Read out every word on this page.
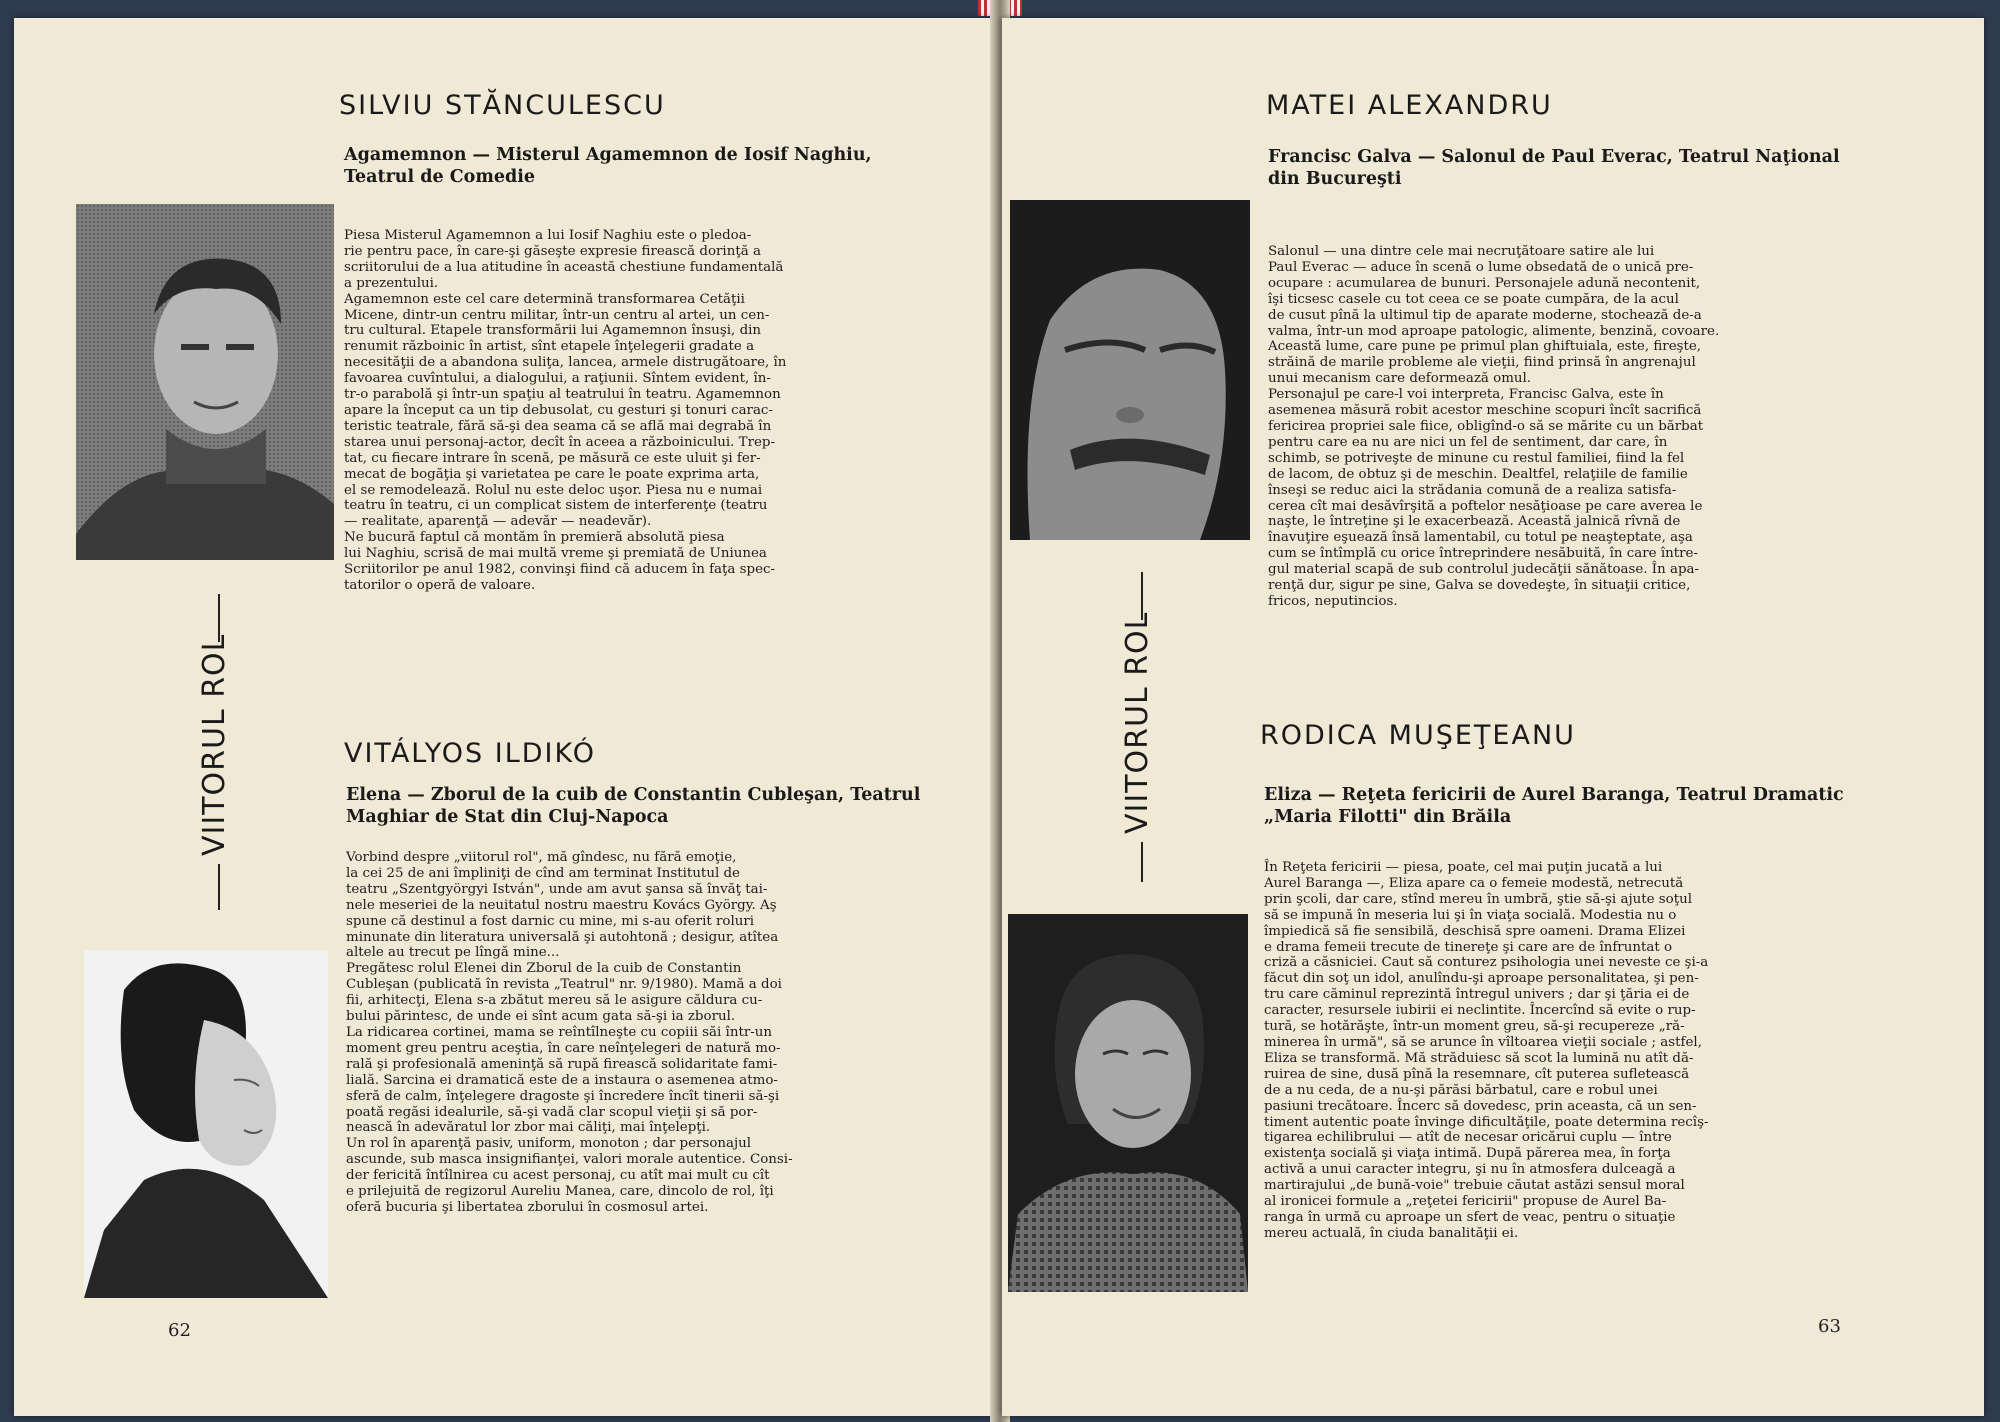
SILVIU STĂNCULESCU
Agamemnon — Misterul Agamemnon de Iosif Naghiu, Teatrul de Comedie
Piesa Misterul Agamemnon a lui Iosif Naghiu este o pledoa-
rie pentru pace, în care-şi găseşte expresie firească dorinţă a
scriitorului de a lua atitudine în această chestiune fundamentală
a prezentului.
Agamemnon este cel care determină transformarea Cetăţii
Micene, dintr-un centru militar, într-un centru al artei, un cen-
tru cultural. Etapele transformării lui Agamemnon însuşi, din
renumit războinic în artist, sînt etapele înţelegerii gradate a
necesităţii de a abandona suliţa, lancea, armele distrugătoare, în
favoarea cuvîntului, a dialogului, a raţiunii. Sîntem evident, în-
tr-o parabolă şi într-un spaţiu al teatrului în teatru. Agamemnon
apare la început ca un tip debusolat, cu gesturi şi tonuri carac-
teristic teatrale, fără să-şi dea seama că se află mai degrabă în
starea unui personaj-actor, decît în aceea a războinicului. Trep-
tat, cu fiecare intrare în scenă, pe măsură ce este uluit şi fer-
mecat de bogăţia şi varietatea pe care le poate exprima arta,
el se remodelează. Rolul nu este deloc uşor. Piesa nu e numai
teatru în teatru, ci un complicat sistem de interferenţe (teatru
— realitate, aparenţă — adevăr — neadevăr).
Ne bucură faptul că montăm în premieră absolută piesa
lui Naghiu, scrisă de mai multă vreme şi premiată de Uniunea
Scriitorilor pe anul 1982, convinşi fiind că aducem în faţa spec-
tatorilor o operă de valoare.
VIITORUL ROL	VITÁLYOS ILDIKÓ
Elena — Zborul de la cuib de Constantin Cubleşan, Teatrul Maghiar de Stat din Cluj-Napoca
Vorbind despre „viitorul rol", mă gîndesc, nu fără emoţie,
la cei 25 de ani împliniţi de cînd am terminat Institutul de
teatru „Szentgyörgyi István", unde am avut şansa să învăţ tai-
nele meseriei de la neuitatul nostru maestru Kovács György. Aş
spune că destinul a fost darnic cu mine, mi s-au oferit roluri
minunate din literatura universală şi autohtonă ; desigur, atîtea
altele au trecut pe lîngă mine...
Pregătesc rolul Elenei din Zborul de la cuib de Constantin
Cubleşan (publicată în revista „Teatrul" nr. 9/1980). Mamă a doi
fii, arhitecţi, Elena s-a zbătut mereu să le asigure căldura cu-
bului părintesc, de unde ei sînt acum gata să-şi ia zborul.
La ridicarea cortinei, mama se reîntîlneşte cu copiii săi într-un
moment greu pentru aceştia, în care neînţelegeri de natură mo-
rală şi profesională ameninţă să rupă firească solidaritate fami-
lială. Sarcina ei dramatică este de a instaura o asemenea atmo-
sferă de calm, înţelegere dragoste şi încredere încît tinerii să-şi
poată regăsi idealurile, să-şi vadă clar scopul vieţii şi să por-
nească în adevăratul lor zbor mai căliţi, mai înţelepţi.
Un rol în aparenţă pasiv, uniform, monoton ; dar personajul
ascunde, sub masca insignifianţei, valori morale autentice. Consi-
der fericită întîlnirea cu acest personaj, cu atît mai mult cu cît
e prilejuită de regizorul Aureliu Manea, care, dincolo de rol, îţi
oferă bucuria şi libertatea zborului în cosmosul artei.
62
MATEI ALEXANDRU
Francisc Galva — Salonul de Paul Everac, Teatrul Naţional din Bucureşti
Salonul — una dintre cele mai necruţătoare satire ale lui
Paul Everac — aduce în scenă o lume obsedată de o unică pre-
ocupare : acumularea de bunuri. Personajele adună necontenit,
îşi ticsesc casele cu tot ceea ce se poate cumpăra, de la acul
de cusut pînă la ultimul tip de aparate moderne, stochează de-a
valma, într-un mod aproape patologic, alimente, benzină, covoare.
Această lume, care pune pe primul plan ghiftuiala, este, fireşte,
străină de marile probleme ale vieţii, fiind prinsă în angrenajul
unui mecanism care deformează omul.
Personajul pe care-l voi interpreta, Francisc Galva, este în
asemenea măsură robit acestor meschine scopuri încît sacrifică
fericirea propriei sale fiice, obligînd-o să se mărite cu un bărbat
pentru care ea nu are nici un fel de sentiment, dar care, în
schimb, se potriveşte de minune cu restul familiei, fiind la fel
de lacom, de obtuz şi de meschin. Dealtfel, relaţiile de familie
înseşi se reduc aici la strădania comună de a realiza satisfa-
cerea cît mai desăvîrşită a poftelor nesăţioase pe care averea le
naşte, le întreţine şi le exacerbează. Această jalnică rîvnă de
înavuţire eşuează însă lamentabil, cu totul pe neaşteptate, aşa
cum se întîmplă cu orice întreprindere nesăbuită, în care între-
gul material scapă de sub controlul judecăţii sănătoase. În apa-
renţă dur, sigur pe sine, Galva se dovedeşte, în situaţii critice,
fricos, neputincios.
VIITORUL ROL	RODICA MUŞEŢEANU
Eliza — Reţeta fericirii de Aurel Baranga, Teatrul Dramatic „Maria Filotti" din Brăila
În Reţeta fericirii — piesa, poate, cel mai puţin jucată a lui
Aurel Baranga —, Eliza apare ca o femeie modestă, netrecută
prin şcoli, dar care, stînd mereu în umbră, ştie să-şi ajute soţul
să se impună în meseria lui şi în viaţa socială. Modestia nu o
împiedică să fie sensibilă, deschisă spre oameni. Drama Elizei
e drama femeii trecute de tinereţe şi care are de înfruntat o
criză a căsniciei. Caut să conturez psihologia unei neveste ce şi-a
făcut din soţ un idol, anulîndu-şi aproape personalitatea, şi pen-
tru care căminul reprezintă întregul univers ; dar şi ţăria ei de
caracter, resursele iubirii ei neclintite. Încercînd să evite o rup-
tură, se hotărăşte, într-un moment greu, să-şi recupereze „ră-
minerea în urmă", să se arunce în vîltoarea vieţii sociale ; astfel,
Eliza se transformă. Mă străduiesc să scot la lumină nu atît dă-
ruirea de sine, dusă pînă la resemnare, cît puterea sufletească
de a nu ceda, de a nu-şi părăsi bărbatul, care e robul unei
pasiuni trecătoare. Încerc să dovedesc, prin aceasta, că un sen-
timent autentic poate învinge dificultăţile, poate determina recîş-
tigarea echilibrului — atît de necesar oricărui cuplu — între
existenţa socială şi viaţa intimă. După părerea mea, în forţa
activă a unui caracter integru, şi nu în atmosfera dulceagă a
martirajului „de bună-voie" trebuie căutat astăzi sensul moral
al ironicei formule a „reţetei fericirii" propuse de Aurel Ba-
ranga în urmă cu aproape un sfert de veac, pentru o situaţie
mereu actuală, în ciuda banalităţii ei.
63
